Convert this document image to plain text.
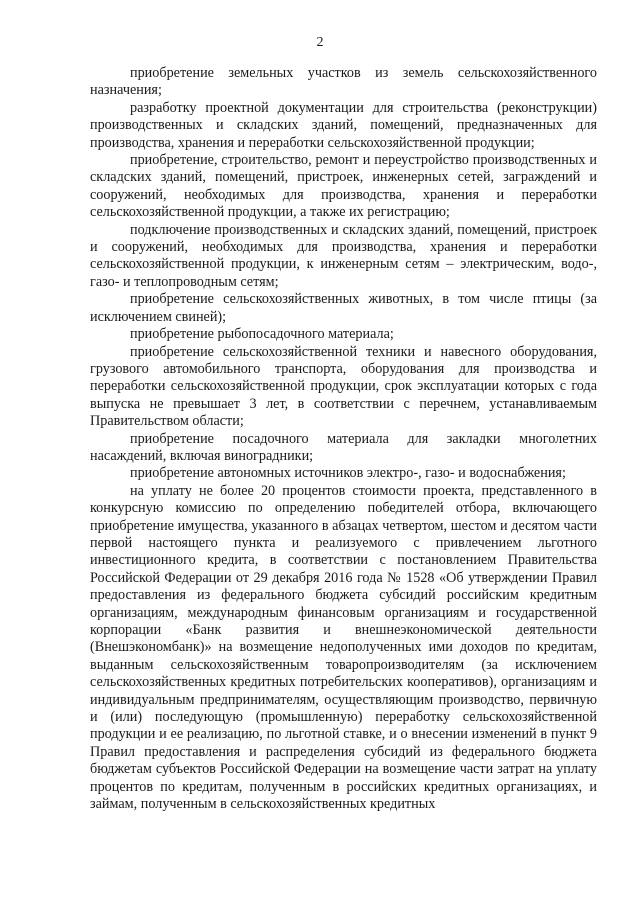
2

приобретение земельных участков из земель сельскохозяйственного назначения;

разработку проектной документации для строительства (реконструкции) производственных и складских зданий, помещений, предназначенных для производства, хранения и переработки сельскохозяйственной продукции;

приобретение, строительство, ремонт и переустройство производственных и складских зданий, помещений, пристроек, инженерных сетей, заграждений и сооружений, необходимых для производства, хранения и переработки сельскохозяйственной продукции, а также их регистрацию;

подключение производственных и складских зданий, помещений, пристроек и сооружений, необходимых для производства, хранения и переработки сельскохозяйственной продукции, к инженерным сетям – электрическим, водо-, газо- и теплопроводным сетям;

приобретение сельскохозяйственных животных, в том числе птицы (за исключением свиней);

приобретение рыбопосадочного материала;

приобретение сельскохозяйственной техники и навесного оборудования, грузового автомобильного транспорта, оборудования для производства и переработки сельскохозяйственной продукции, срок эксплуатации которых с года выпуска не превышает 3 лет, в соответствии с перечнем, устанавливаемым Правительством области;

приобретение посадочного материала для закладки многолетних насаждений, включая виноградники;

приобретение автономных источников электро-, газо- и водоснабжения;

на уплату не более 20 процентов стоимости проекта, представленного в конкурсную комиссию по определению победителей отбора, включающего приобретение имущества, указанного в абзацах четвертом, шестом и десятом части первой настоящего пункта и реализуемого с привлечением льготного инвестиционного кредита, в соответствии с постановлением Правительства Российской Федерации от 29 декабря 2016 года № 1528 «Об утверждении Правил предоставления из федерального бюджета субсидий российским кредитным организациям, международным финансовым организациям и государственной корпорации «Банк развития и внешнеэкономической деятельности (Внешэкономбанк)» на возмещение недополученных ими доходов по кредитам, выданным сельскохозяйственным товаропроизводителям (за исключением сельскохозяйственных кредитных потребительских кооперативов), организациям и индивидуальным предпринимателям, осуществляющим производство, первичную и (или) последующую (промышленную) переработку сельскохозяйственной продукции и ее реализацию, по льготной ставке, и о внесении изменений в пункт 9 Правил предоставления и распределения субсидий из федерального бюджета бюджетам субъектов Российской Федерации на возмещение части затрат на уплату процентов по кредитам, полученным в российских кредитных организациях, и займам, полученным в сельскохозяйственных кредитных
